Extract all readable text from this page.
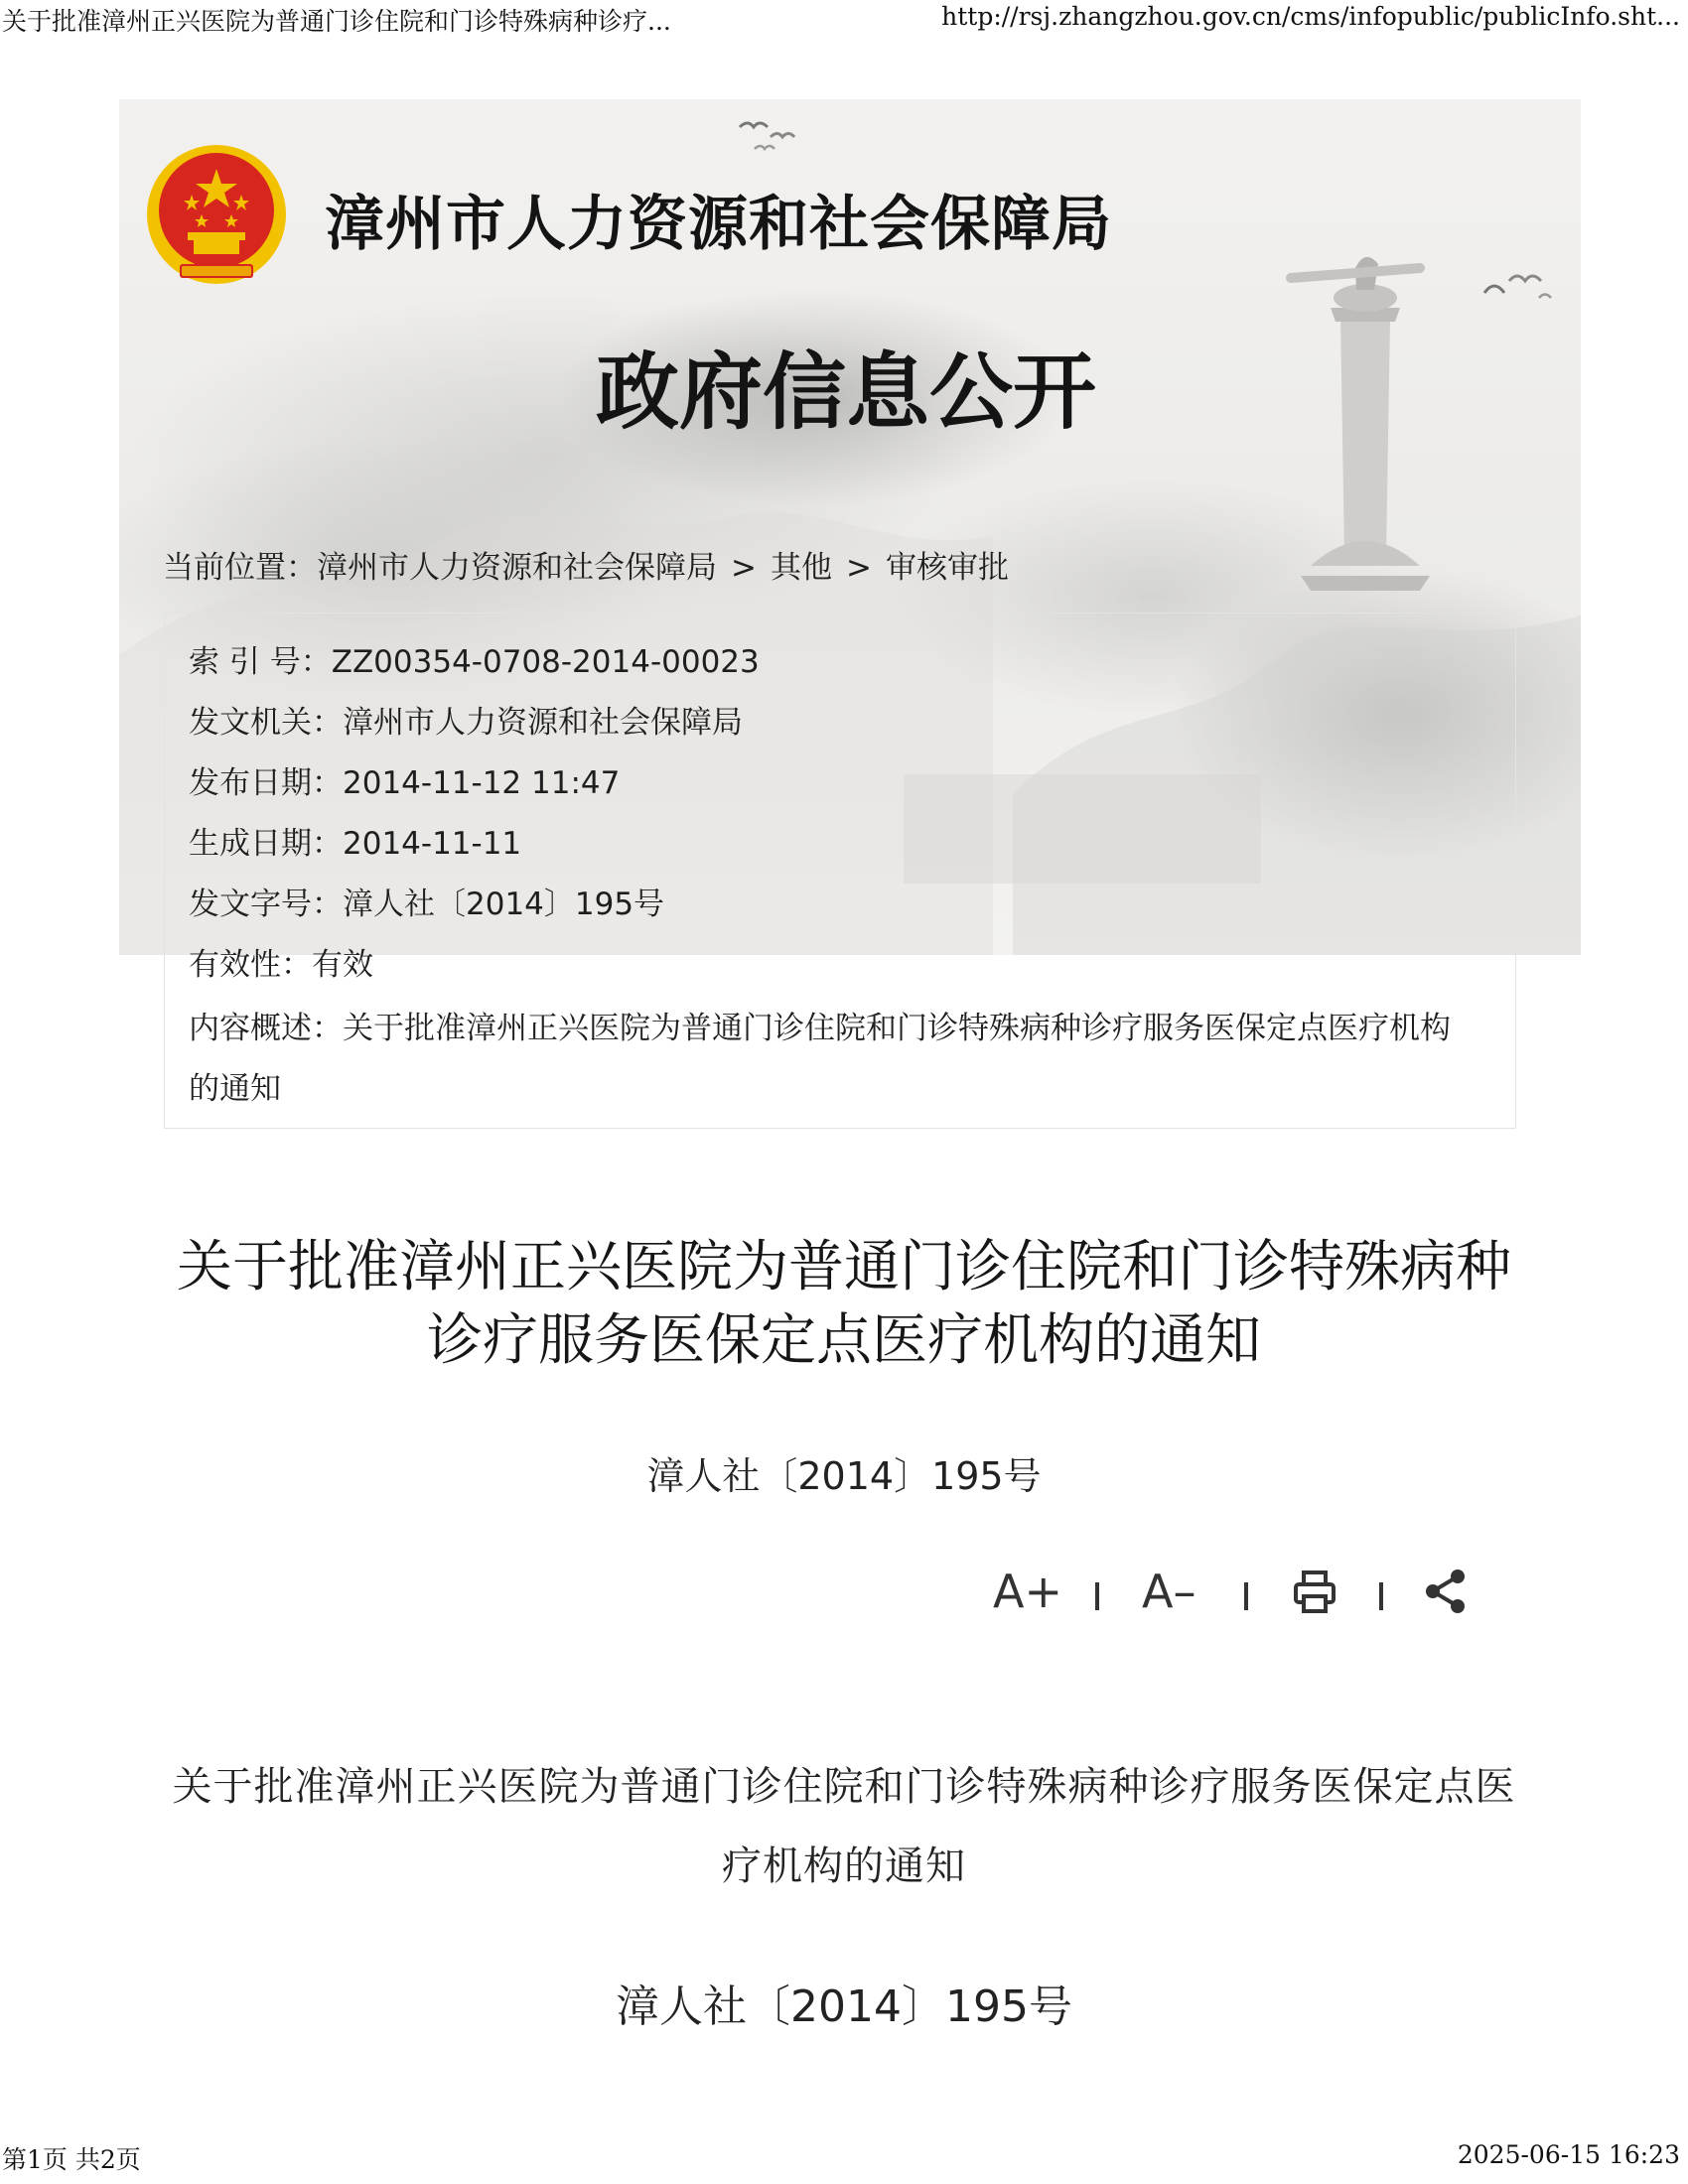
关于批准漳州正兴医院为普通门诊住院和门诊特殊病种诊疗...	http://rsj.zhangzhou.gov.cn/cms/infopublic/publicInfo.sht...
漳州市人力资源和社会保障局
政府信息公开
当前位置：漳州市人力资源和社会保障局 > 其他 > 审核审批
索 引 号：ZZ00354-0708-2014-00023
发文机关：漳州市人力资源和社会保障局
发布日期：2014-11-12 11:47
生成日期：2014-11-11
发文字号：漳人社〔2014〕195号
有效性：有效
内容概述：关于批准漳州正兴医院为普通门诊住院和门诊特殊病种诊疗服务医保定点医疗机构的通知
关于批准漳州正兴医院为普通门诊住院和门诊特殊病种诊疗服务医保定点医疗机构的通知
漳人社〔2014〕195号
A+ A–
关于批准漳州正兴医院为普通门诊住院和门诊特殊病种诊疗服务医保定点医疗机构的通知
漳人社〔2014〕195号
第1页 共2页	2025-06-15 16:23
